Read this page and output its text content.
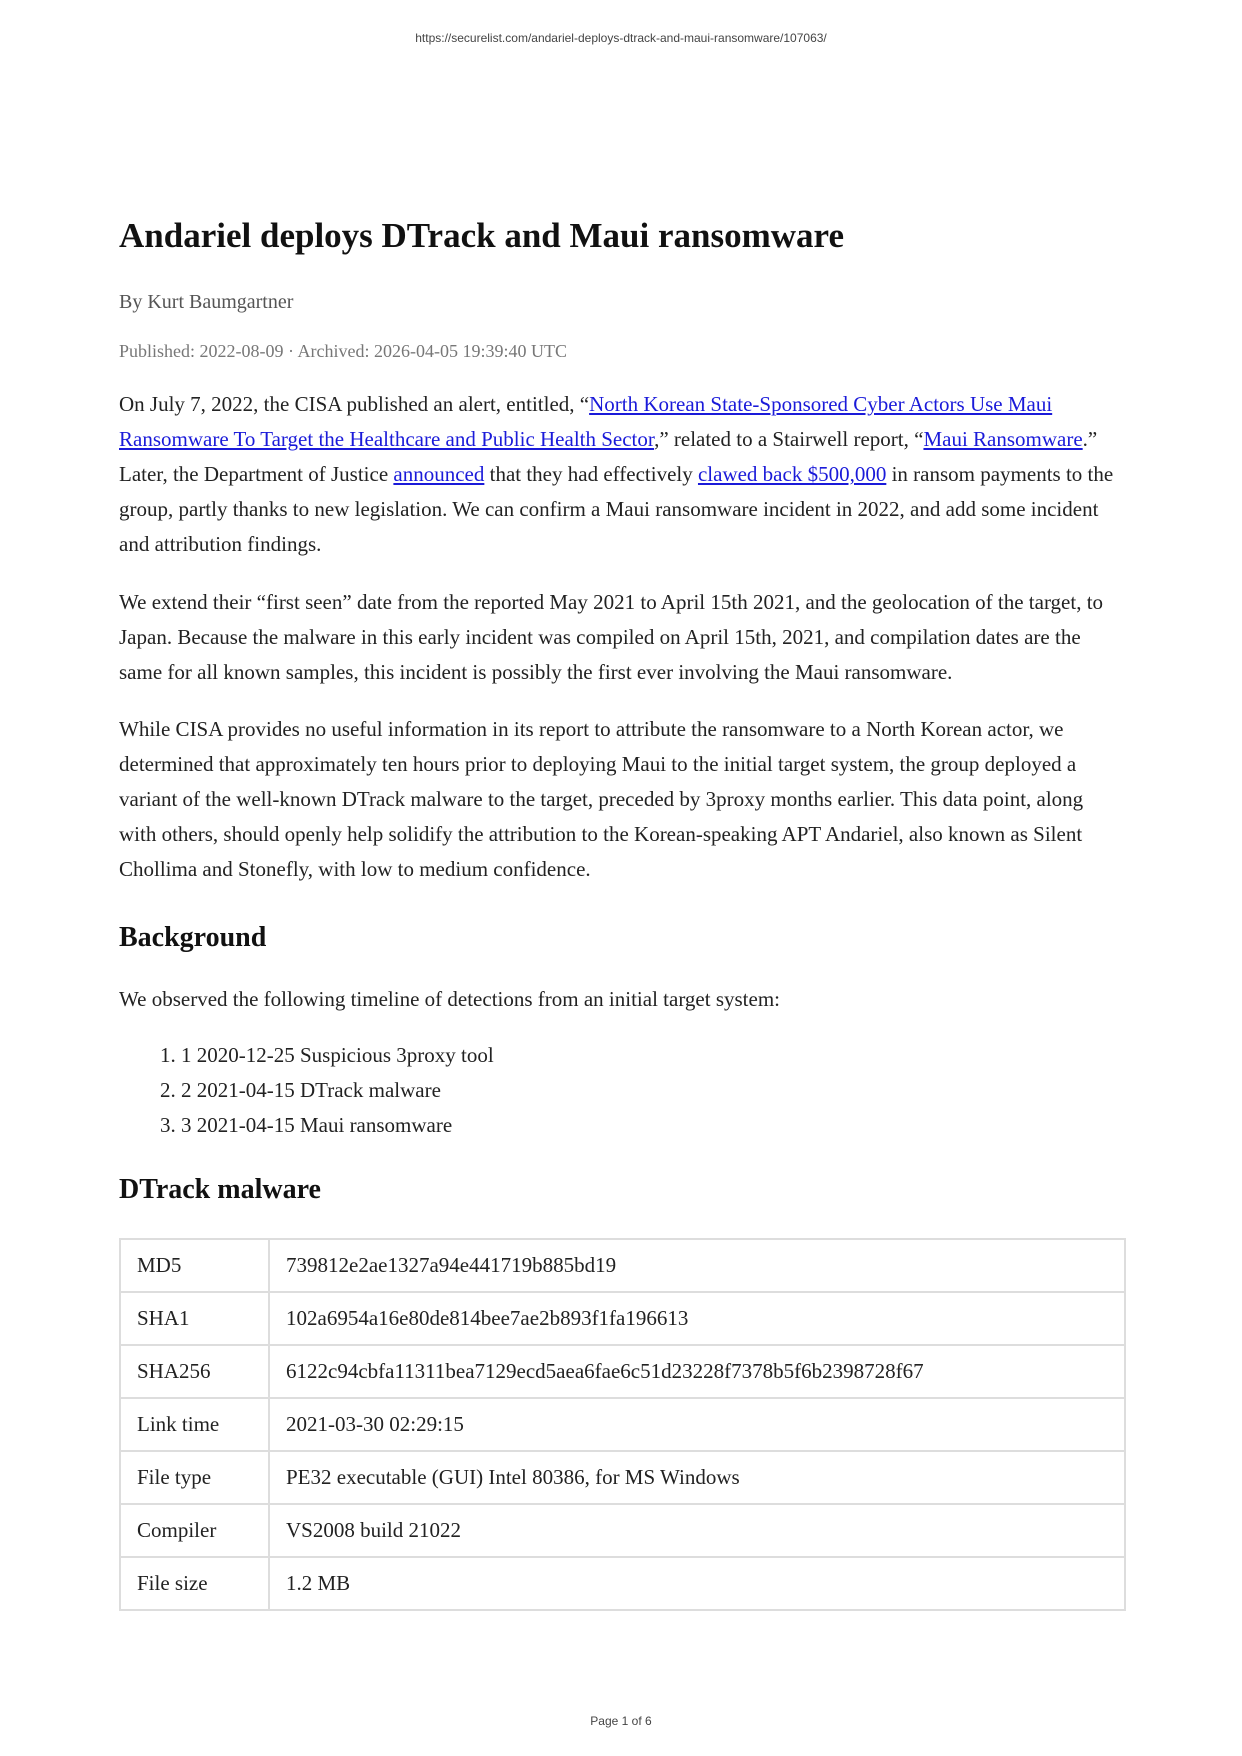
https://securelist.com/andariel-deploys-dtrack-and-maui-ransomware/107063/
Andariel deploys DTrack and Maui ransomware
By Kurt Baumgartner
Published: 2022-08-09 · Archived: 2026-04-05 19:39:40 UTC

On July 7, 2022, the CISA published an alert, entitled, “North Korean State-Sponsored Cyber Actors Use Maui Ransomware To Target the Healthcare and Public Health Sector,” related to a Stairwell report, “Maui Ransomware.” Later, the Department of Justice announced that they had effectively clawed back $500,000 in ransom payments to the group, partly thanks to new legislation. We can confirm a Maui ransomware incident in 2022, and add some incident and attribution findings.

We extend their “first seen” date from the reported May 2021 to April 15th 2021, and the geolocation of the target, to Japan. Because the malware in this early incident was compiled on April 15th, 2021, and compilation dates are the same for all known samples, this incident is possibly the first ever involving the Maui ransomware.

While CISA provides no useful information in its report to attribute the ransomware to a North Korean actor, we determined that approximately ten hours prior to deploying Maui to the initial target system, the group deployed a variant of the well-known DTrack malware to the target, preceded by 3proxy months earlier. This data point, along with others, should openly help solidify the attribution to the Korean-speaking APT Andariel, also known as Silent Chollima and Stonefly, with low to medium confidence.

Background

We observed the following timeline of detections from an initial target system:

1. 1 2020-12-25 Suspicious 3proxy tool
2. 2 2021-04-15 DTrack malware
3. 3 2021-04-15 Maui ransomware
DTrack malware
MD5	739812e2ae1327a94e441719b885bd19
SHA1	102a6954a16e80de814bee7ae2b893f1fa196613
SHA256	6122c94cbfa11311bea7129ecd5aea6fae6c51d23228f7378b5f6b2398728f67
Link time	2021-03-30 02:29:15
File type	PE32 executable (GUI) Intel 80386, for MS Windows
Compiler	VS2008 build 21022
File size	1.2 MB
Page 1 of 6
